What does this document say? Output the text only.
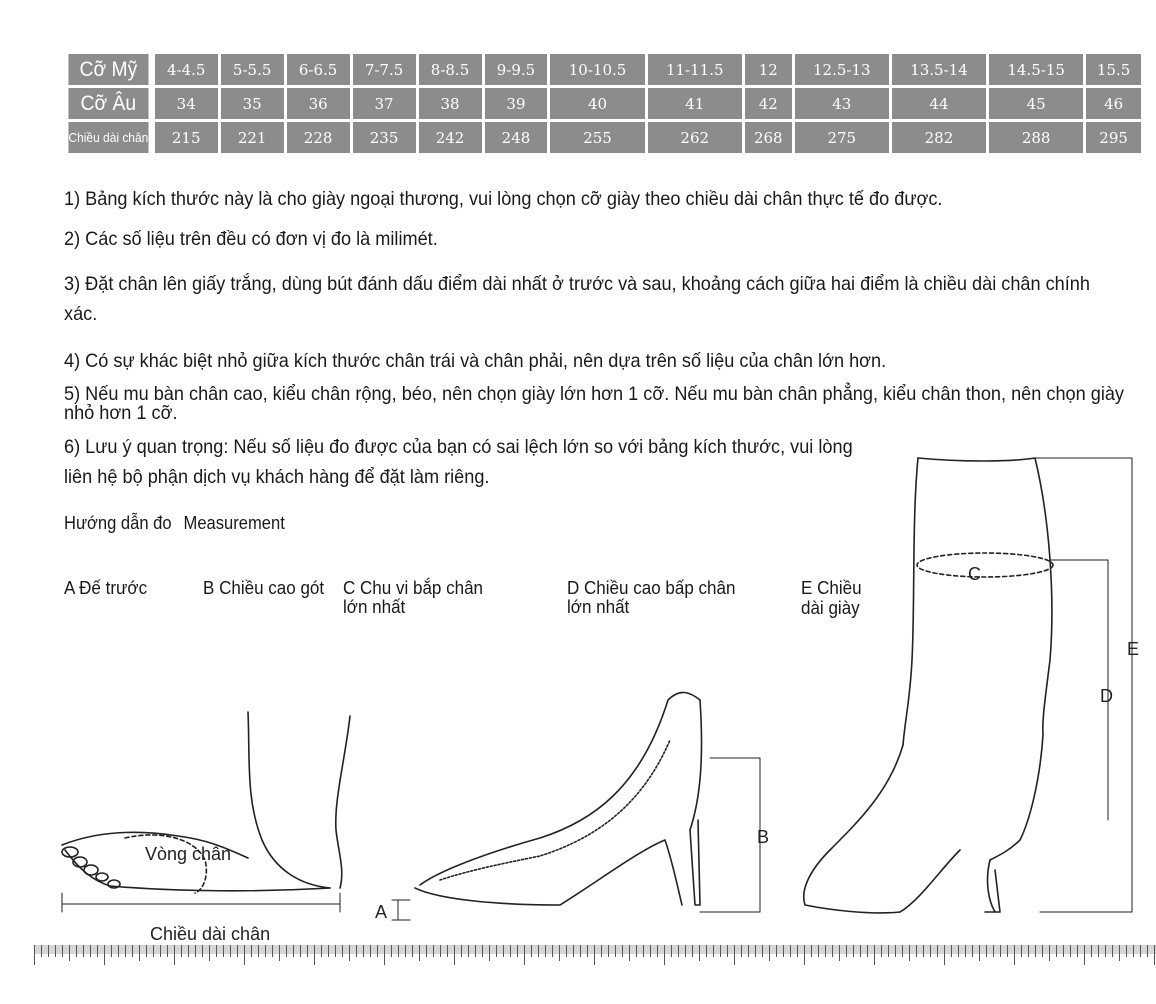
Cỡ Mỹ	4-4.5	5-5.5	6-6.5	7-7.5	8-8.5	9-9.5	10-10.5	11-11.5	12	12.5-13	13.5-14	14.5-15	15.5
Cỡ Âu	34	35	36	37	38	39	40	41	42	43	44	45	46
Chiều dài chân	215	221	228	235	242	248	255	262	268	275	282	288	295
1) Bảng kích thước này là cho giày ngoại thương, vui lòng chọn cỡ giày theo chiều dài chân thực tế đo được.
2) Các số liệu trên đều có đơn vị đo là milimét.
3) Đặt chân lên giấy trắng, dùng bút đánh dấu điểm dài nhất ở trước và sau, khoảng cách giữa hai điểm là chiều dài chân chính xác.
4) Có sự khác biệt nhỏ giữa kích thước chân trái và chân phải, nên dựa trên số liệu của chân lớn hơn.
5) Nếu mu bàn chân cao, kiểu chân rộng, béo, nên chọn giày lớn hơn 1 cỡ. Nếu mu bàn chân phẳng, kiểu chân thon, nên chọn giày nhỏ hơn 1 cỡ.
6) Lưu ý quan trọng: Nếu số liệu đo được của bạn có sai lệch lớn so với bảng kích thước, vui lòng liên hệ bộ phận dịch vụ khách hàng để đặt làm riêng.
Hướng dẫn đo Measurement
A Đế trước	B Chiều cao gót C Chu vi bắp chân lớn nhất
D Chiều cao bấp chân lớn nhất
E Chiều dài giày
Vòng chân
Chiều dài chân
A
B
C
D
E
